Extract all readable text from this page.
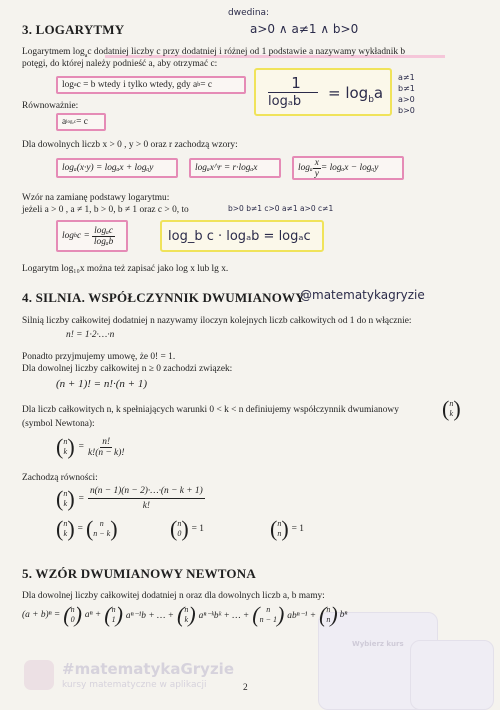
Wybierz kurs
#matematykaGryzie
kursy matematyczne w aplikacji
3. LOGARYTMY
dwedina:
a>0 ∧ a≠1 ∧ b>0
Logarytmem $\log_ac$ dodatniej liczby c przy dodatniej i różnej od 1 podstawie a nazywamy wykładnik b
potęgi, do której należy podnieść a, aby otrzymać c:
log a c = b wtedy i tylko wtedy, gdy a b = c	1
$\log_ab = \log_ba$
a≠1
b≠1
a>0
b>0
Równoważnie:
a logₐc = c
Dla dowolnych liczb x > 0 , y > 0 oraz r zachodzą wzory:
logₐ(x·y) = logₐx + logₐy	logₐx^r = r·logₐx	logₐ $\frac{x}{y} = \log_ax - \log_ay$
Wzór na zamianę podstawy logarytmu:
jeżeli a > 0 , a ≠ 1, b > 0, b ≠ 1 oraz c > 0, to	b>0 b≠1 c>0 a≠1 a>0 c≠1
log b $c = \frac{\text{logₐc}}{\text{logₐb}}$	log_b c · logₐb = logₐc
Logarytm log₁₀x można też zapisać jako log x lub lg x.
4. SILNIA. WSPÓŁCZYNNIK DWUMIANOWY
@matematykagryzie
Silnią liczby całkowitej dodatniej n nazywamy iloczyn kolejnych liczb całkowitych od 1 do n włącznie:
n! = 1·2·…·n
Ponadto przyjmujemy umowę, że 0! = 1.
Dla dowolnej liczby całkowitej n ≥ 0 zachodzi związek:
(n + 1)! = n!·(n + 1)
Dla liczb całkowitych n, k spełniających warunki 0 < k < n definiujemy współczynnik dwumianowy ( n
k )
(symbol Newtona):
( n
k ) = $\frac{n!}{k!(n - k)!}$
Zachodzą równości:
( n
k ) = $\frac{n(n - 1)(n - 2)\cdot\dots\cdot(n - k + 1)}{k!}$
( n
k ) = ( n
n − k ) ( n
0 ) = 1	( n
n ) = 1
5. WZÓR DWUMIANOWY NEWTONA
Dla dowolnej liczby całkowitej dodatniej n oraz dla dowolnych liczb a, b mamy:
(a + b)ⁿ = ( n
0 ) aⁿ + ( n
1 ) aⁿ⁻¹b + … + ( n
k ) aⁿ⁻ᵏbᵏ + … + ( n
n − 1 ) abⁿ⁻¹ + ( n
n ) bⁿ
2
